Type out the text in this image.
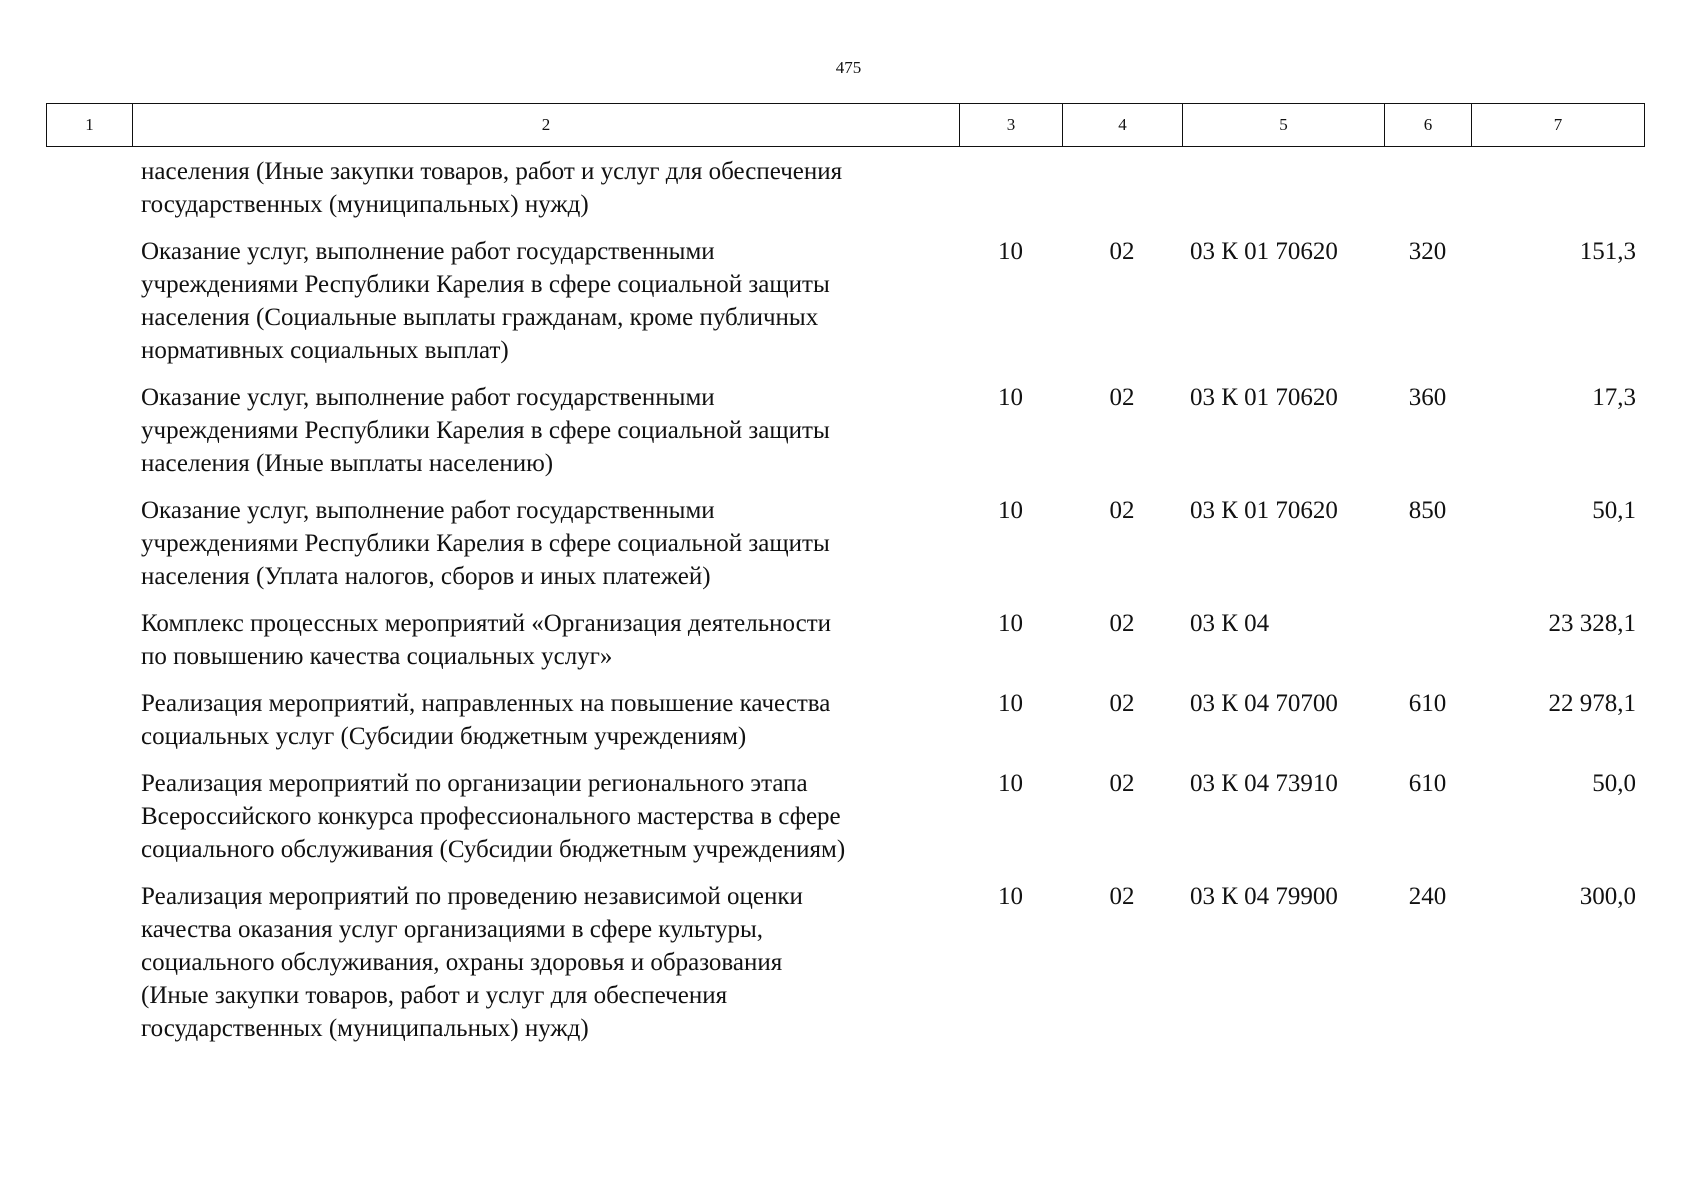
475
1	2	3	4	5	6	7
	населения (Иные закупки товаров, работ и услуг для обеспечения
государственных (муниципальных) нужд)					
	Оказание услуг, выполнение работ государственными
учреждениями Республики Карелия в сфере социальной защиты
населения (Социальные выплаты гражданам, кроме публичных
нормативных социальных выплат)	10	02	03 К 01 70620	320	151,3
	Оказание услуг, выполнение работ государственными
учреждениями Республики Карелия в сфере социальной защиты
населения (Иные выплаты населению)	10	02	03 К 01 70620	360	17,3
	Оказание услуг, выполнение работ государственными
учреждениями Республики Карелия в сфере социальной защиты
населения (Уплата налогов, сборов и иных платежей)	10	02	03 К 01 70620	850	50,1
	Комплекс процессных мероприятий «Организация деятельности
по повышению качества социальных услуг»	10	02	03 К 04		23 328,1
	Реализация мероприятий, направленных на повышение качества
социальных услуг (Субсидии бюджетным учреждениям)	10	02	03 К 04 70700	610	22 978,1
	Реализация мероприятий по организации регионального этапа
Всероссийского конкурса профессионального мастерства в сфере
социального обслуживания (Субсидии бюджетным учреждениям)	10	02	03 К 04 73910	610	50,0
	Реализация мероприятий по проведению независимой оценки
качества оказания услуг организациями в сфере культуры,
социального обслуживания, охраны здоровья и образования
(Иные закупки товаров, работ и услуг для обеспечения
государственных (муниципальных) нужд)	10	02	03 К 04 79900	240	300,0
